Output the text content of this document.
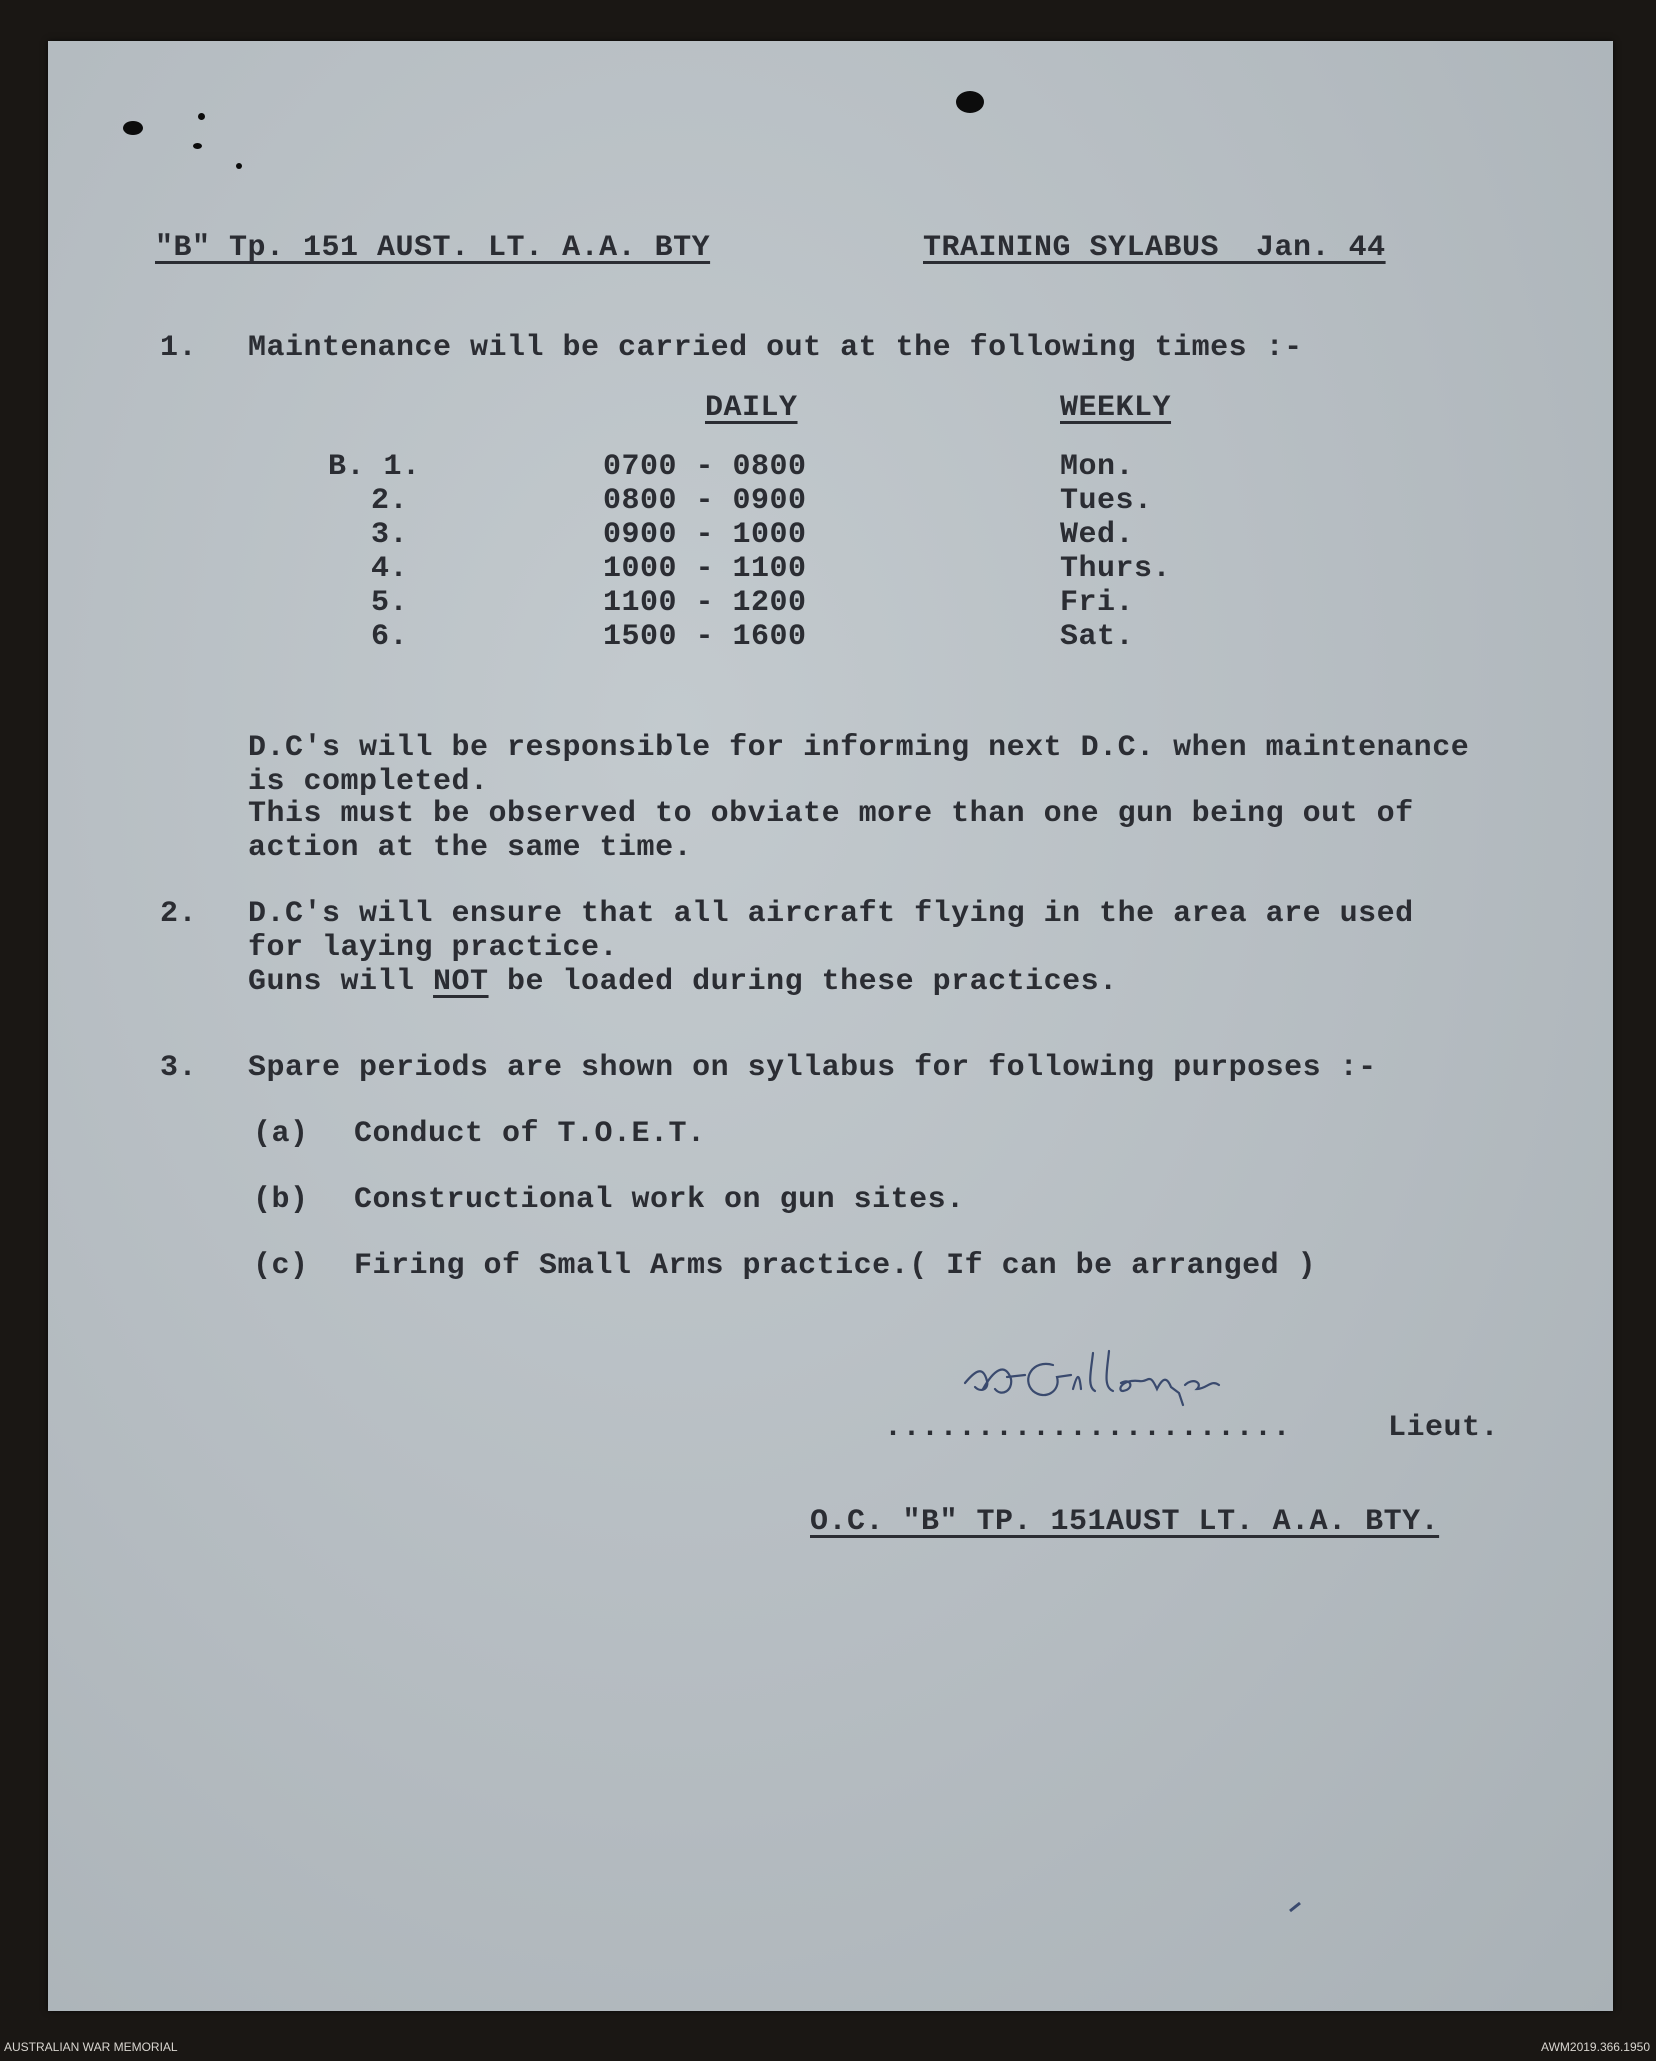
"B" Tp. 151 AUST. LT. A.A. BTY	TRAINING SYLABUS  Jan. 44
1. Maintenance will be carried out at the following times :-
DAILY	WEEKLY
B. 1.	0700 - 0800	Mon.
2.	0800 - 0900	Tues.
3.	0900 - 1000	Wed.
4.	1000 - 1100	Thurs.
5.	1100 - 1200	Fri.
6.	1500 - 1600	Sat.
D.C's will be responsible for informing next D.C. when maintenance
is completed.
This must be observed to obviate more than one gun being out of
action at the same time.
2. D.C's will ensure that all aircraft flying in the area are used
for laying practice.
Guns will NOT be loaded during these practices.
3. Spare periods are shown on syllabus for following purposes :-
(a) Conduct of T.O.E.T.
(b) Constructional work on gun sites.
(c) Firing of Small Arms practice.( If can be arranged )
......................	Lieut.
O.C. "B" TP. 151AUST LT. A.A. BTY.
AUSTRALIAN WAR MEMORIAL	AWM2019.366.1950
